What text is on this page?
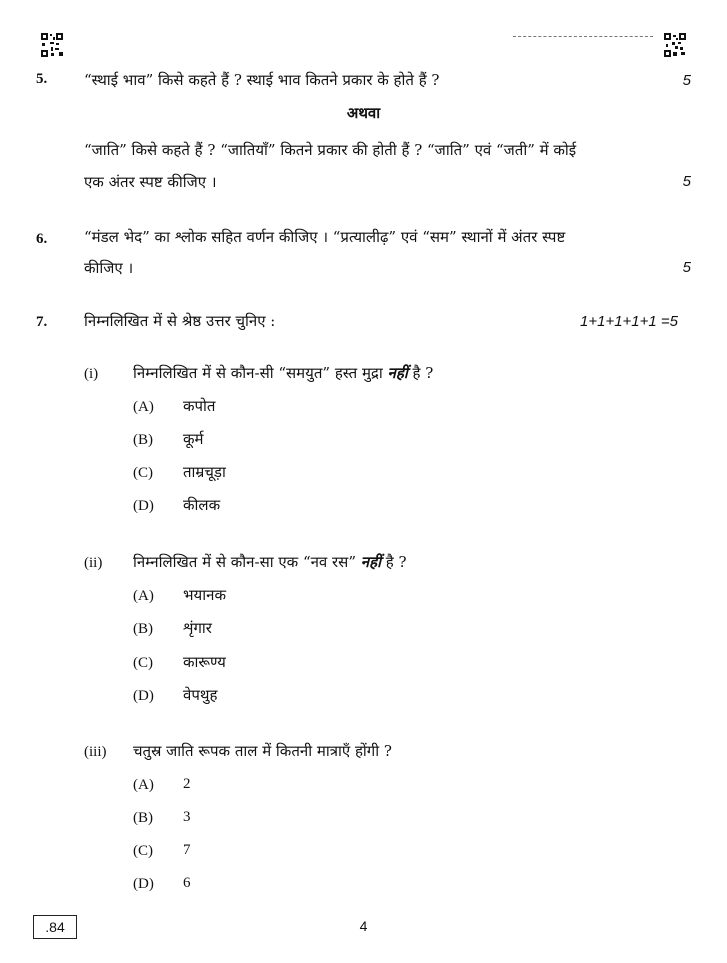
5. “स्थाई भाव” किसे कहते हैं ? स्थाई भाव कितने प्रकार के होते हैं ?	5
अथवा
“जाति” किसे कहते हैं ? “जातियाँ” कितने प्रकार की होती हैं ? “जाति” एवं “जती” में कोई
एक अंतर स्पष्ट कीजिए ।	5
6. “मंडल भेद” का श्लोक सहित वर्णन कीजिए । “प्रत्यालीढ़” एवं “सम” स्थानों में अंतर स्पष्ट
कीजिए ।	5
7. निम्नलिखित में से श्रेष्ठ उत्तर चुनिए :	1+1+1+1+1 =5
(i) निम्नलिखित में से कौन-सी “समयुत” हस्त मुद्रा नहीं है ?
(A) कपोत
(B) कूर्म
(C) ताम्रचूड़ा
(D) कीलक
(ii) निम्नलिखित में से कौन-सा एक “नव रस” नहीं है ?
(A) भयानक
(B) शृंगार
(C) कारूण्य
(D) वेपथुह
(iii) चतुस्र जाति रूपक ताल में कितनी मात्राएँ होंगी ?
(A) 2
(B) 3
(C) 7
(D) 6
.84	4
